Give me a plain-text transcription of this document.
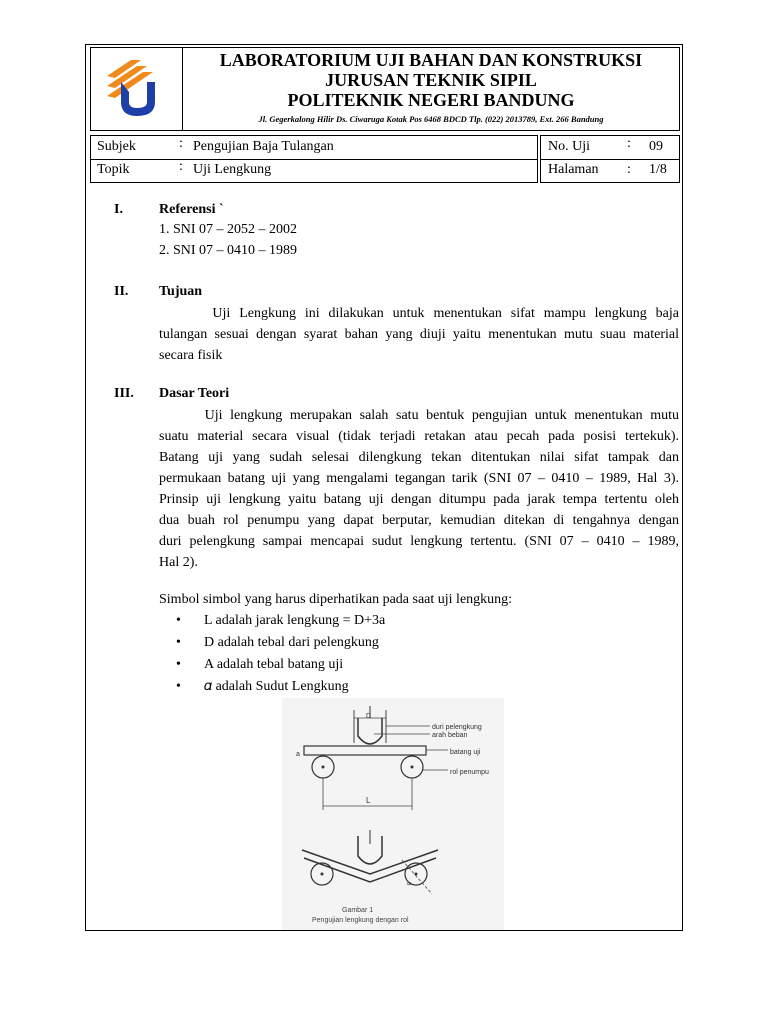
LABORATORIUM UJI BAHAN DAN KONSTRUKSI
JURUSAN TEKNIK SIPIL
POLITEKNIK NEGERI BANDUNG
Jl. Gegerkalong Hilir Ds. Ciwaruga Kotak Pos 6468 BDCD Tlp. (022) 2013789, Ext. 266 Bandung
Subjek	: Pengujian Baja Tulangan
Topik	: Uji Lengkung
No. Uji	: 09
Halaman : 1/8
I.	Referensi `
1. SNI 07 – 2052 – 2002
2. SNI 07 – 0410 – 1989
II. Tujuan
Uji Lengkung ini dilakukan untuk menentukan sifat mampu lengkung baja
tulangan sesuai dengan syarat bahan yang diuji yaitu menentukan mutu suau material
secara fisik
III. Dasar Teori
Uji lengkung merupakan salah satu bentuk pengujian untuk menentukan mutu
suatu material secara visual (tidak terjadi retakan atau pecah pada posisi tertekuk).
Batang uji yang sudah selesai dilengkung tekan ditentukan nilai sifat tampak dan
permukaan batang uji yang mengalami tegangan tarik (SNI 07 – 0410 – 1989, Hal 3).
Prinsip uji lengkung yaitu batang uji dengan ditumpu pada jarak tempa tertentu oleh
dua buah rol penumpu yang dapat berputar, kemudian ditekan di tengahnya dengan
duri pelengkung sampai mencapai sudut lengkung tertentu. (SNI 07 – 0410 – 1989,
Hal 2).
Simbol simbol yang harus diperhatikan pada saat uji lengkung:
• L adalah jarak lengkung = D+3a
• D adalah tebal dari pelengkung
• A adalah tebal batang uji
• 𝛼 adalah Sudut Lengkung
D
duri pelengkung
arah beban
batang uji
a
rol penumpu
L
∝
Gambar 1
Pengujian lengkung dengan rol
